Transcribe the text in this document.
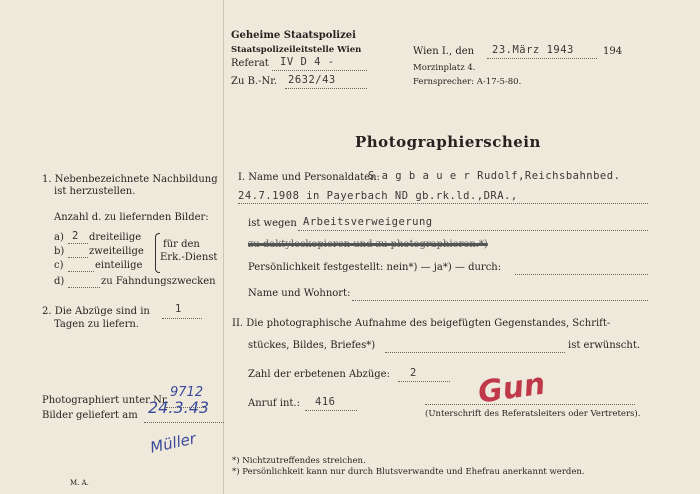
Geheime Staatspolizei
Staatspolizeileitstelle Wien
Referat IV D 4 -
Zu B.-Nr. 2632/43
Wien I., den 23.März 1943	194
Morzinplatz 4.
Fernsprecher: A-17-5-80.
Photographierschein
1. Nebenbezeichnete Nachbildung
ist herzustellen.
Anzahl d. zu liefernden Bilder:
a) 2 dreiteilige
b) zweiteilige
c)	einteilige
für den
Erk.-Dienst
d)	zu Fahndungszwecken
2. Die Abzüge sind in 1
Tagen zu liefern.
Photographiert unter Nr.
9712
Bilder geliefert am 24.3.43
Müller
M. A.
I. Name und Personaldaten:
S a g b a u e r Rudolf,Reichsbahnbed.
24.7.1908 in Payerbach ND gb.rk.ld.,DRA.,
ist wegen Arbeitsverweigerung
zu daktyloskopieren und zu photographieren.*)
Persönlichkeit festgestellt: nein*) — ja*) — durch:
Name und Wohnort:
II. Die photographische Aufnahme des beigefügten Gegenstandes, Schrift-
stückes, Bildes, Briefes*)	ist erwünscht.
Zahl der erbetenen Abzüge: 2
Anruf int.: 416	Gun
(Unterschrift des Referatsleiters oder Vertreters).
*) Nichtzutreffendes streichen.
*) Persönlichkeit kann nur durch Blutsverwandte und Ehefrau anerkannt werden.
